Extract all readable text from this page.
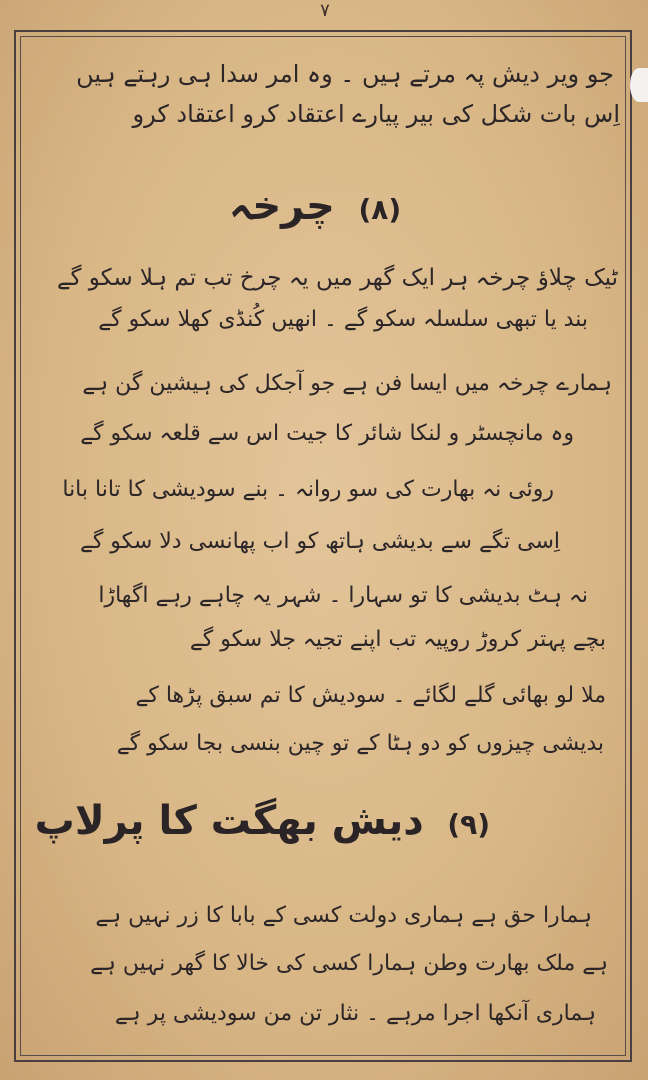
۷
جو ویر دیش پہ مرتے ہیں ۔ وہ امر سدا ہی رہتے ہیں
اِس بات شکل کی بیر پیارے اعتقاد کرو اعتقاد کرو
(۸) چرخہ
ٹیک چلاؤ چرخہ ہر ایک گھر میں یہ چرخ تب تم ہلا سکو گے
بند یا تبھی سلسلہ سکو گے ۔ انھیں کُنڈی کھلا سکو گے
ہمارے چرخہ میں ایسا فن ہے جو آجکل کی ہیشین گن ہے
وہ مانچسٹر و لنکا شائر کا جیت اس سے قلعہ سکو گے
روئی نہ بھارت کی سو روانہ ۔ بنے سودیشی کا تانا بانا
اِسی تگے سے بدیشی ہاتھ کو اب پھانسی دلا سکو گے
نہ ہٹ بدیشی کا تو سہارا ۔ شہر یہ چاہے رہے اگھاڑا
بچے پہتر کروڑ روپیہ تب اپنے تجیہ جلا سکو گے
ملا لو بھائی گلے لگائے ۔ سودیش کا تم سبق پڑھا کے
بدیشی چیزوں کو دو ہٹا کے تو چین بنسی بجا سکو گے
(۹) دیش بھگت کا پرلاپ
ہمارا حق ہے ہماری دولت کسی کے بابا کا زر نہیں ہے
ہے ملک بھارت وطن ہمارا کسی کی خالا کا گھر نہیں ہے
ہماری آنکھا اجرا مرہے ۔ نثار تن من سودیشی پر ہے
